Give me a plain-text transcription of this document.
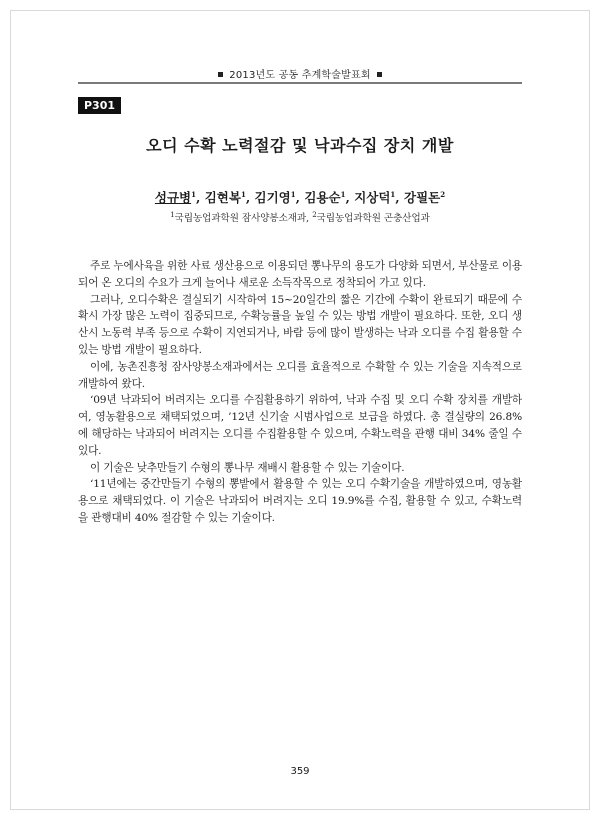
2013년도 공동 추계학술발표회
P301
오디 수확 노력절감 및 낙과수집 장치 개발
성규병$^1$, 김현복$^1$, 김기영$^1$, 김용순$^1$, 지상덕$^1$, 강필돈$^2$
$^1$국립농업과학원 잠사양봉소재과, $^2$국립농업과학원 곤충산업과

주로 누에사육을 위한 사료 생산용으로 이용되던 뽕나무의 용도가 다양화 되면서, 부산물로 이용되어 온 오디의 수요가 크게 늘어나 새로운 소득작목으로 정착되어 가고 있다.

그러나, 오디수확은 결실되기 시작하여 15~20일간의 짧은 기간에 수확이 완료되기 때문에 수확시 가장 많은 노력이 집중되므로, 수확능률을 높일 수 있는 방법 개발이 필요하다. 또한, 오디 생산시 노동력 부족 등으로 수확이 지연되거나, 바람 등에 많이 발생하는 낙과 오디를 수집 활용할 수 있는 방법 개발이 필요하다.

이에, 농촌진흥청 잠사양봉소재과에서는 오디를 효율적으로 수확할 수 있는 기술을 지속적으로 개발하여 왔다.

‘09년 낙과되어 버려지는 오디를 수집활용하기 위하여, 낙과 수집 및 오디 수확 장치를 개발하여, 영농활용으로 채택되었으며, ’12년 신기술 시범사업으로 보급을 하였다. 총 결실량의 26.8%에 해당하는 낙과되어 버려지는 오디를 수집활용할 수 있으며, 수확노력을 관행 대비 34% 줄일 수 있다.

이 기술은 낮추만들기 수형의 뽕나무 재배시 활용할 수 있는 기술이다.

‘11년에는 중간만들기 수형의 뽕밭에서 활용할 수 있는 오디 수확기술을 개발하였으며, 영농활용으로 채택되었다. 이 기술은 낙과되어 버려지는 오디 19.9%를 수집, 활용할 수 있고, 수확노력을 관행대비 40% 절감할 수 있는 기술이다.

359
